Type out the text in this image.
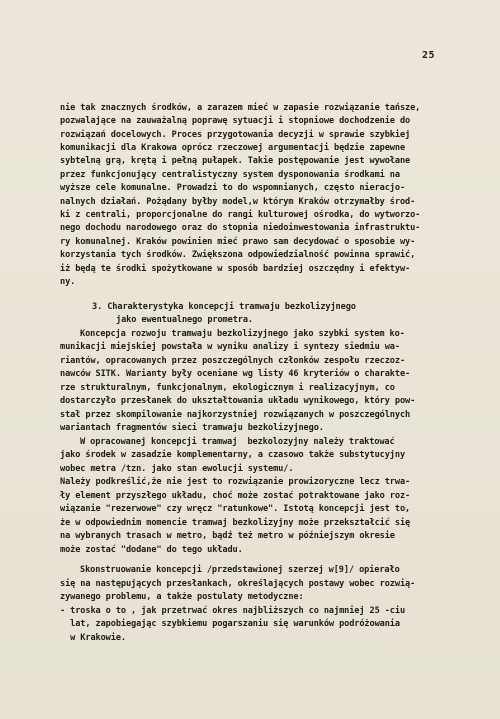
25
nie tak znacznych środków, a zarazem mieć w zapasie rozwiązanie tańsze,
pozwalające na zauważalną poprawę sytuacji i stopniowe dochodzenie do
rozwiązań docelowych. Proces przygotowania decyzji w sprawie szybkiej
komunikacji dla Krakowa oprócz rzeczowej argumentacji będzie zapewne
sybtelną grą, krętą i pełną pułapek. Takie postępowanie jest wywołane
przez funkcjonujący centralistyczny system dysponowania środkami na
wyższe cele komunalne. Prowadzi to do wspomnianych, często nieracjo-
nalnych działań. Pożądany byłby model,w którym Kraków otrzymałby środ-
ki z centrali, proporcjonalne do rangi kulturowej ośrodka, do wytworzo-
nego dochodu narodowego oraz do stopnia niedoinwestowania infrastruktu-
ry komunalnej. Kraków powinien mieć prawo sam decydować o sposobie wy-
korzystania tych środków. Zwiększona odpowiedzialność powinna sprawić,
iż będą te środki spożytkowane w sposób bardziej oszczędny i efektyw-
ny.
3. Charakterystyka koncepcji tramwaju bezkolizyjnego
jako ewentualnego prometra.
Koncepcja rozwoju tramwaju bezkolizyjnego jako szybki system ko-
munikacji miejskiej powstała w wyniku analizy i syntezy siedmiu wa-
riantów, opracowanych przez poszczególnych członków zespołu rzeczoz-
nawców SITK. Warianty były oceniane wg listy 46 kryteriów o charakte-
rze strukturalnym, funkcjonalnym, ekologicznym i realizacyjnym, co
dostarczyło przesłanek do ukształtowania układu wynikowego, który pow-
stał przez skompilowanie najkorzystniej rozwiązanych w poszczególnych
wariantach fragmentów sieci tramwaju bezkolizyjnego.
W opracowanej koncepcji tramwaj  bezkolozyjny należy traktować
jako środek w zasadzie komplementarny, a czasowo także substytucyjny
wobec metra /tzn. jako stan ewolucji systemu/.
Należy podkreślić,że nie jest to rozwiązanie prowizoryczne lecz trwa-
ły element przyszłego układu, choć może zostać potraktowane jako roz-
wiązanie "rezerwowe" czy wręcz "ratunkowe". Istotą koncepcji jest to,
że w odpowiednim momencie tramwaj bezkolizyjny może przekształcić się
na wybranych trasach w metro, bądź też metro w późniejszym okresie
może zostać "dodane" do tego układu.
Skonstruowanie koncepcji /przedstawionej szerzej w[9]/ opierało
się na następujących przesłankach, określających postawy wobec rozwią-
zywanego problemu, a także postulaty metodyczne:
- troska o to , jak przetrwać okres najbliższych co najmniej 25 -ciu
lat, zapobiegając szybkiemu pogarszaniu się warunków podróżowania
w Krakowie.
